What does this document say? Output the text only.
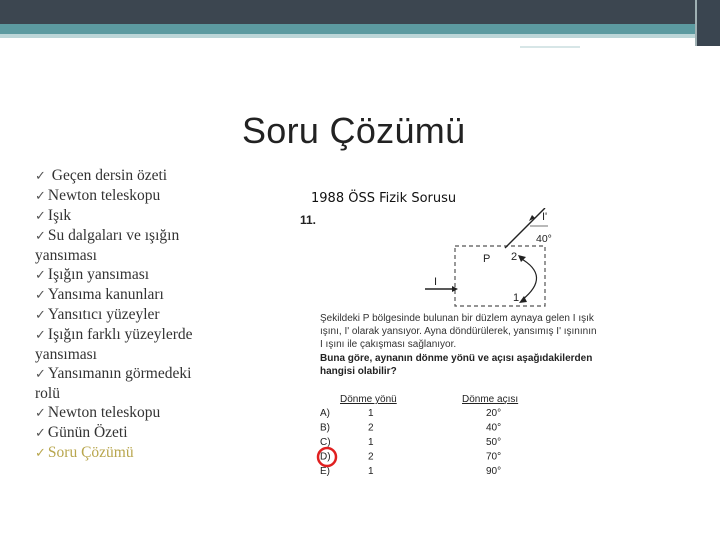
Soru Çözümü
✓ Geçen dersin özeti
✓ Newton teleskopu
✓ Işık
✓ Su dalgaları ve ışığın yansıması
✓ Işığın yansıması
✓ Yansıma kanunları
✓ Yansıtıcı yüzeyler
✓ Işığın farklı yüzeylerde yansıması
✓ Yansımanın görmedeki rolü
✓ Newton teleskopu
✓ Günün Özeti
✓ Soru Çözümü
1988 ÖSS Fizik Sorusu
11.
P 2
1
I'
40°
I
Şekildeki P bölgesinde bulunan bir düzlem aynaya gelen I ışık
ışını, I' olarak yansıyor. Ayna döndürülerek, yansımış I' ışınının
I ışını ile çakışması sağlanıyor.
Buna göre, aynanın dönme yönü ve açısı aşağıdakilerden
hangisi olabilir?
Dönme yönü	Dönme açısı
A)	1	20°
B)	2	40°
C)	1	50°
D)	2	70°
E)	1	90°
